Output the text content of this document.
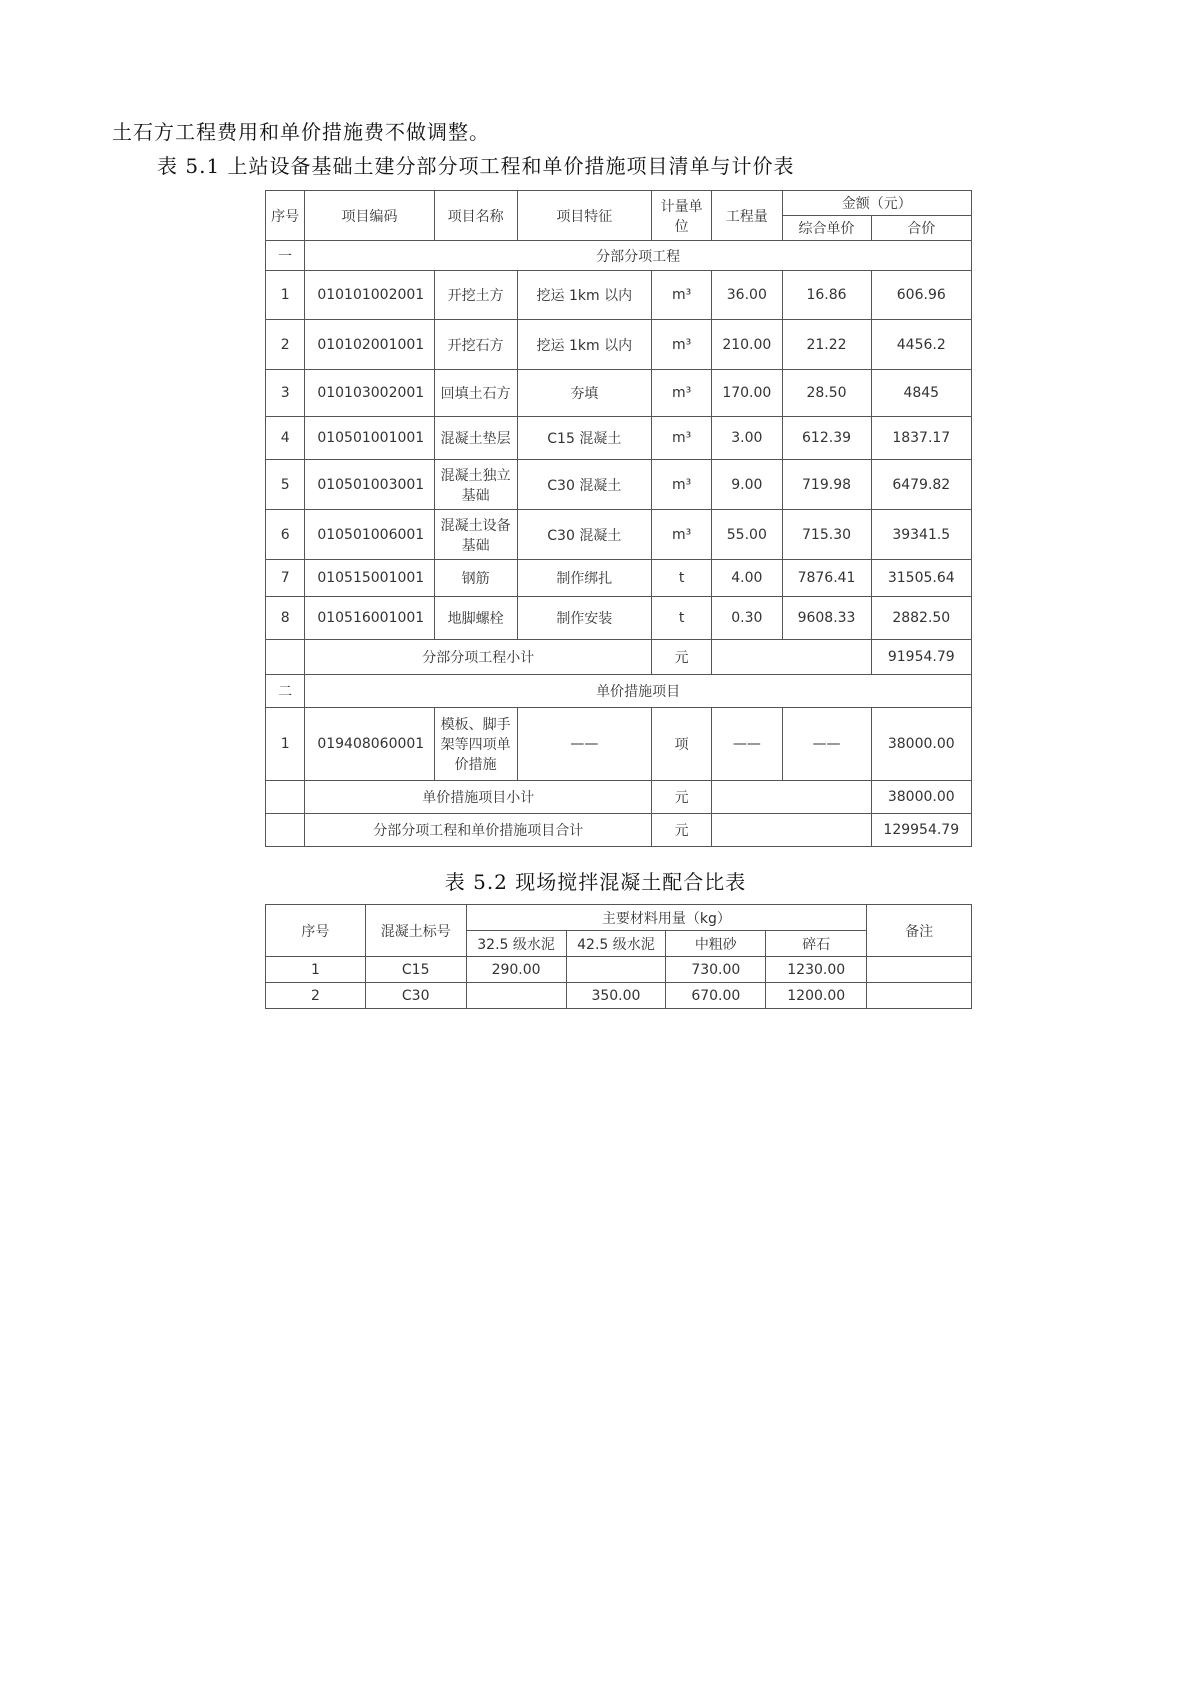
土石方工程费用和单价措施费不做调整。
表 5.1 上站设备基础土建分部分项工程和单价措施项目清单与计价表
序号	项目编码	项目名称	项目特征	计量单位	工程量	金额（元）	
						综合单价	合价
一	分部分项工程						
1	010101002001	开挖土方	挖运 1km 以内	m³	36.00	16.86	606.96
2	010102001001	开挖石方	挖运 1km 以内	m³	210.00	21.22	4456.2
3	010103002001	回填土石方	夯填	m³	170.00	28.50	4845
4	010501001001	混凝土垫层	C15 混凝土	m³	3.00	612.39	1837.17
5	010501003001	混凝土独立基础	C30 混凝土	m³	9.00	719.98	6479.82
6	010501006001	混凝土设备基础	C30 混凝土	m³	55.00	715.30	39341.5
7	010515001001	钢筋	制作绑扎	t	4.00	7876.41	31505.64
8	010516001001	地脚螺栓	制作安装	t	0.30	9608.33	2882.50
	分部分项工程小计			元			91954.79
二	单价措施项目						
1	019408060001	模板、脚手架等四项单价措施	——	项	——	——	38000.00
	单价措施项目小计			元			38000.00
	分部分项工程和单价措施项目合计			元			129954.79
表 5.2 现场搅拌混凝土配合比表
序号	混凝土标号	主要材料用量（kg）				备注
		32.5 级水泥	42.5 级水泥	中粗砂	碎石	
1	C15	290.00		730.00	1230.00	
2	C30		350.00	670.00	1200.00	
